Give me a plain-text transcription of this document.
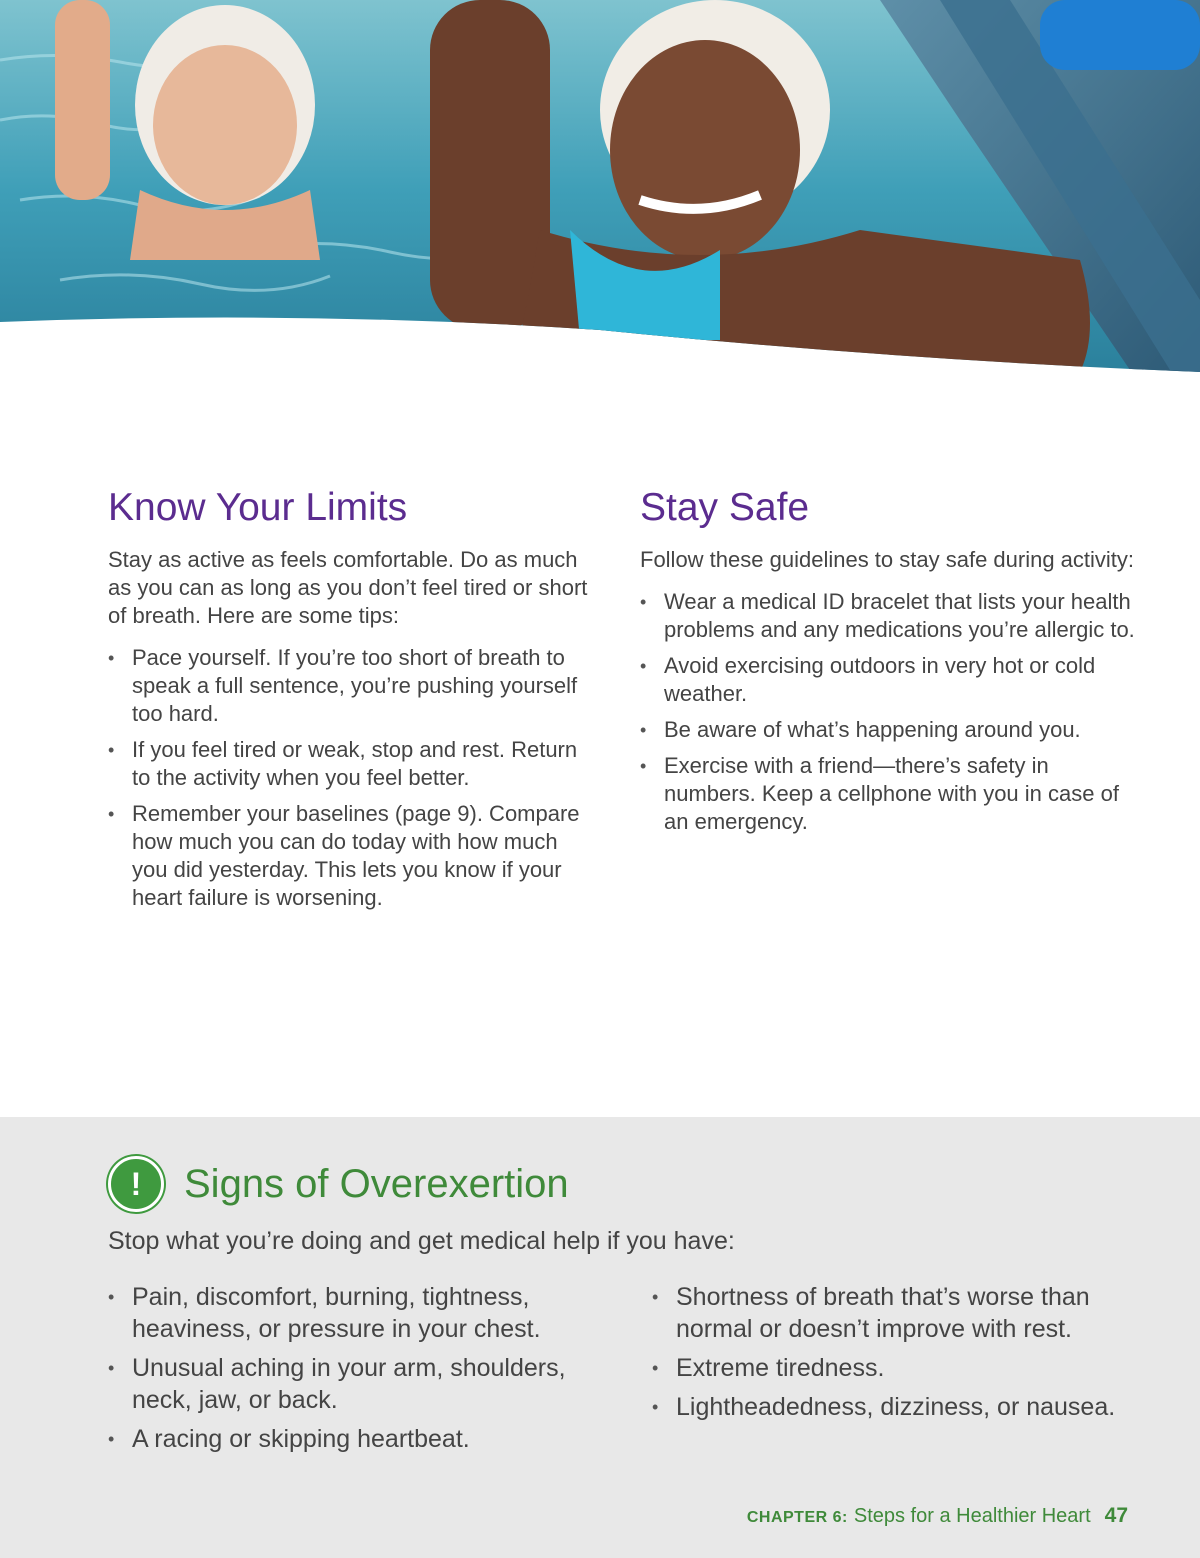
Know Your Limits

Stay as active as feels comfortable. Do as much as you can as long as you don’t feel tired or short of breath. Here are some tips:

• Pace yourself. If you’re too short of breath to speak a full sentence, you’re pushing yourself too hard.
• If you feel tired or weak, stop and rest. Return to the activity when you feel better.
• Remember your baselines (page 9). Compare how much you can do today with how much you did yesterday. This lets you know if your heart failure is worsening.
Stay Safe

Follow these guidelines to stay safe during activity:

• Wear a medical ID bracelet that lists your health problems and any medications you’re allergic to.
• Avoid exercising outdoors in very hot or cold weather.
• Be aware of what’s happening around you.
• Exercise with a friend—there’s safety in numbers. Keep a cellphone with you in case of an emergency.
!	Signs of Overexertion

Stop what you’re doing and get medical help if you have:

• Pain, discomfort, burning, tightness, heaviness, or pressure in your chest.
• Unusual aching in your arm, shoulders, neck, jaw, or back.
• A racing or skipping heartbeat.
• Shortness of breath that’s worse than normal or doesn’t improve with rest.
• Extreme tiredness.
• Lightheadedness, dizziness, or nausea.
CHAPTER 6: Steps for a Healthier Heart 47
